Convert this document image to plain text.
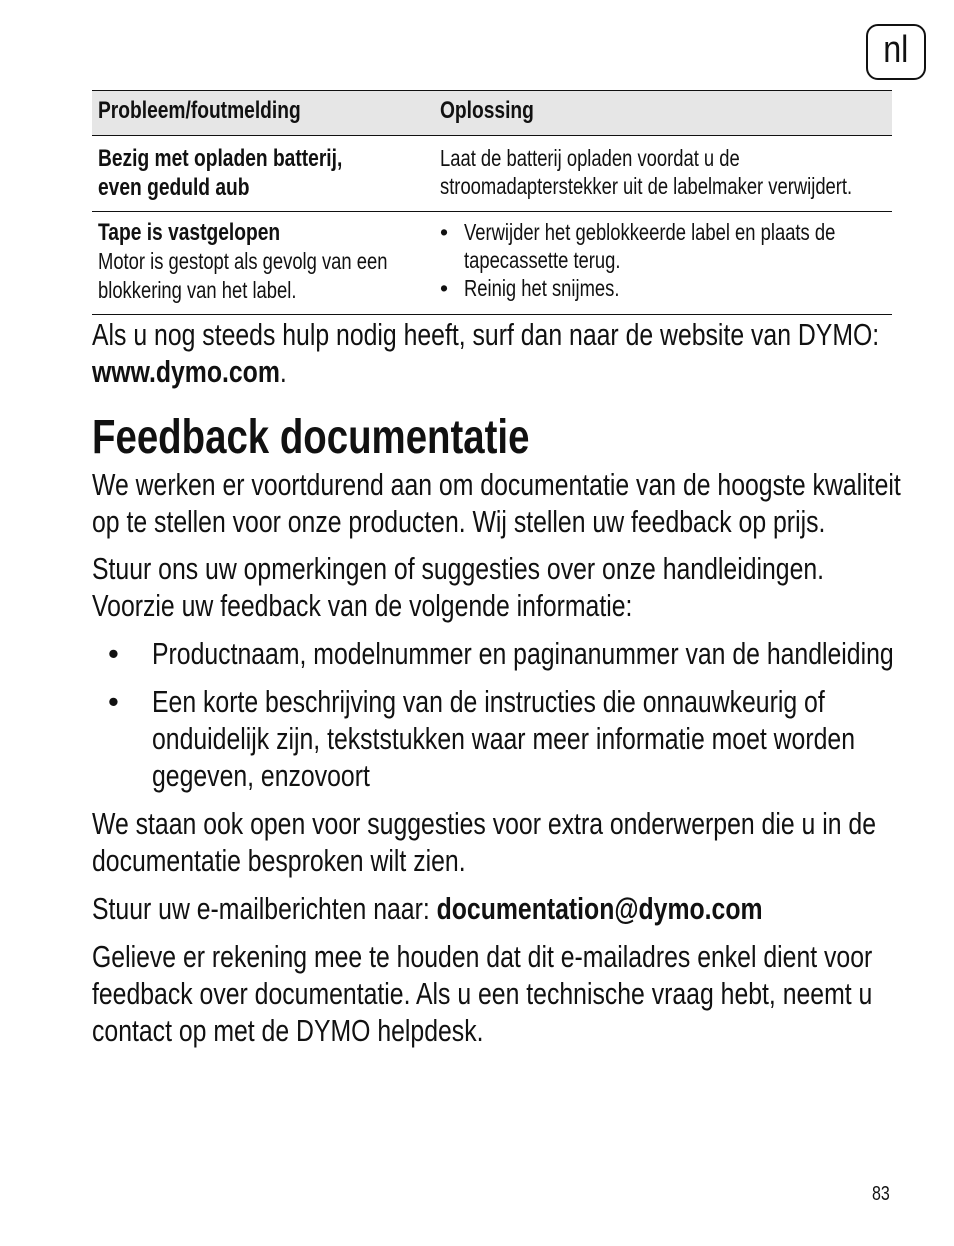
nl
Probleem/foutmelding	Oplossing
Bezig met opladen batterij,
even geduld aub
Laat de batterij opladen voordat u de
stroomadapterstekker uit de labelmaker verwijdert.
Tape is vastgelopen
Motor is gestopt als gevolg van een
blokkering van het label.
• Verwijder het geblokkeerde label en plaats de
tapecassette terug.
• Reinig het snijmes.
Als u nog steeds hulp nodig heeft, surf dan naar de website van DYMO:
www.dymo.com.
Feedback documentatie
We werken er voortdurend aan om documentatie van de hoogste kwaliteit
op te stellen voor onze producten. Wij stellen uw feedback op prijs.
Stuur ons uw opmerkingen of suggesties over onze handleidingen.
Voorzie uw feedback van de volgende informatie:
• Productnaam, modelnummer en paginanummer van de handleiding
• Een korte beschrijving van de instructies die onnauwkeurig of
onduidelijk zijn, tekststukken waar meer informatie moet worden
gegeven, enzovoort
We staan ook open voor suggesties voor extra onderwerpen die u in de
documentatie besproken wilt zien.
Stuur uw e-mailberichten naar: documentation@dymo.com
Gelieve er rekening mee te houden dat dit e-mailadres enkel dient voor
feedback over documentatie. Als u een technische vraag hebt, neemt u
contact op met de DYMO helpdesk.
83
